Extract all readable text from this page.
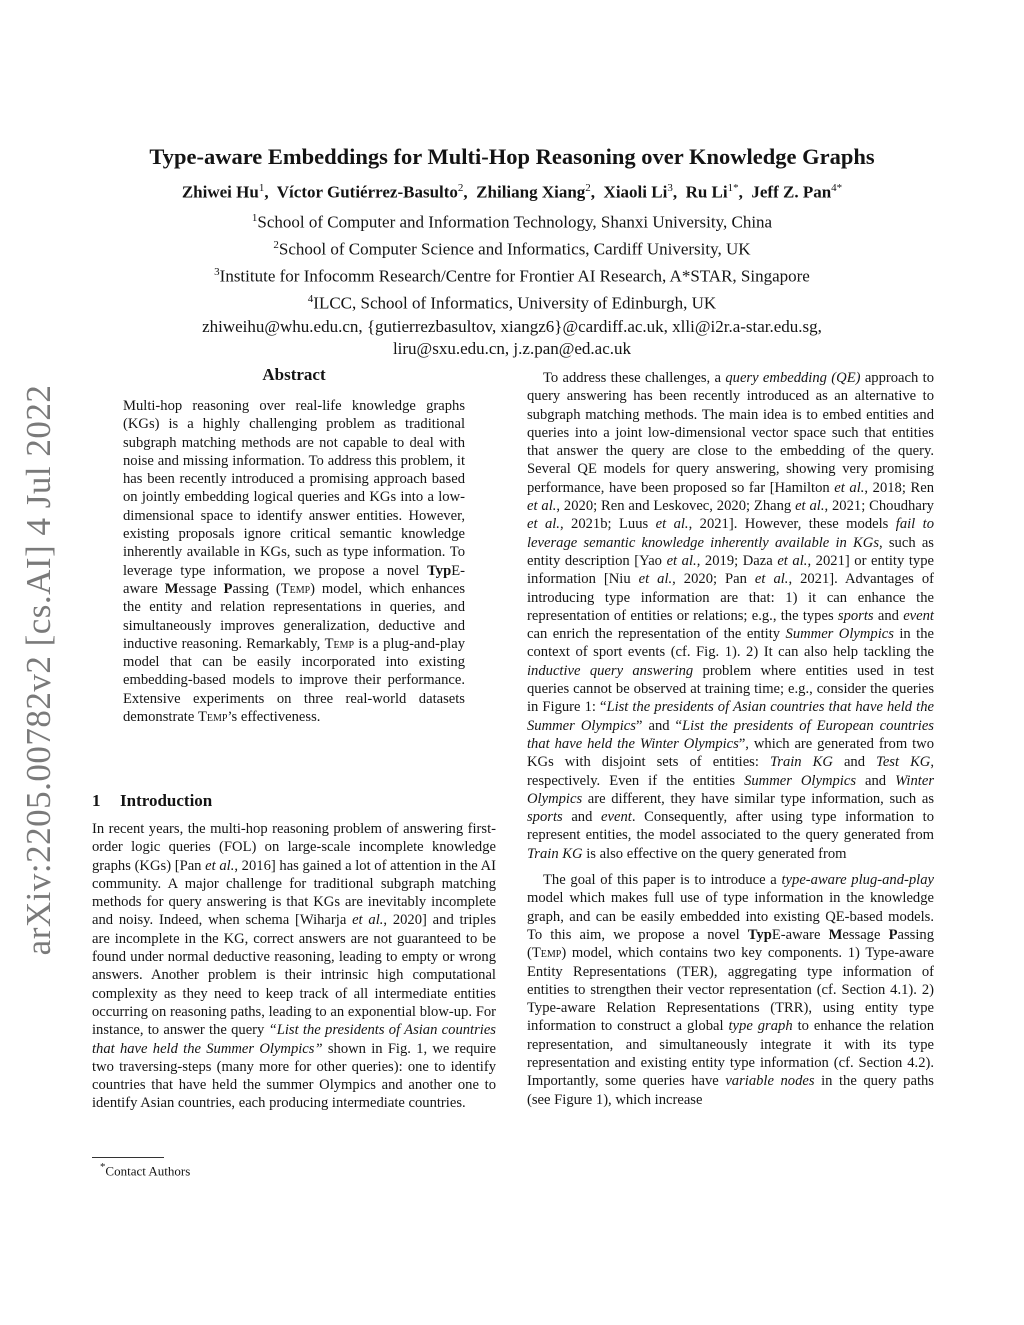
arXiv:2205.00782v2 [cs.AI] 4 Jul 2022
Type-aware Embeddings for Multi-Hop Reasoning over Knowledge Graphs
Zhiwei Hu$^1$,  Víctor Gutiérrez-Basulto$^2$,  Zhiliang Xiang$^2$,  Xiaoli Li$^3$,  Ru $Li^{1*}$,  Jeff Z. Pan$^{4*}$
$^1$School of Computer and Information Technology, Shanxi University, China
$^2$School of Computer Science and Informatics, Cardiff University, UK
$^3$Institute for Infocomm Research/Centre for Frontier AI Research, A*STAR, Singapore
$^4$ILCC, School of Informatics, University of Edinburgh, UK
zhiweihu@whu.edu.cn, {gutierrezbasultov, xiangz6}@cardiff.ac.uk, xlli@i2r.a-star.edu.sg,
liru@sxu.edu.cn, j.z.pan@ed.ac.uk
Abstract

Multi-hop reasoning over real-life knowledge graphs (KGs) is a highly challenging problem as traditional subgraph matching methods are not capable to deal with noise and missing information. To address this problem, it has been recently introduced a promising approach based on jointly embedding logical queries and KGs into a low-dimensional space to identify answer entities. However, existing proposals ignore critical semantic knowledge inherently available in KGs, such as type information. To leverage type information, we propose a novel TypE-aware Message Passing (Temp) model, which enhances the entity and relation representations in queries, and simultaneously improves generalization, deductive and inductive reasoning. Remarkably, Temp is a plug-and-play model that can be easily incorporated into existing embedding-based models to improve their performance. Extensive experiments on three real-world datasets demonstrate Temp’s effectiveness.

1 Introduction

In recent years, the multi-hop reasoning problem of answering first-order logic queries (FOL) on large-scale incomplete knowledge graphs (KGs) [Pan et al., 2016] has gained a lot of attention in the AI community. A major challenge for traditional subgraph matching methods for query answering is that KGs are inevitably incomplete and noisy. Indeed, when schema [Wiharja et al., 2020] and triples are incomplete in the KG, correct answers are not guaranteed to be found under normal deductive reasoning, leading to empty or wrong answers. Another problem is their intrinsic high computational complexity as they need to keep track of all intermediate entities occurring on reasoning paths, leading to an exponential blow-up. For instance, to answer the query “List the presidents of Asian countries that have held the Summer Olympics” shown in Fig. 1, we require two traversing-steps (many more for other queries): one to identify countries that have held the summer Olympics and another one to identify Asian countries, each producing intermediate countries.

*Contact Authors

To address these challenges, a query embedding (QE) approach to query answering has been recently introduced as an alternative to subgraph matching methods. The main idea is to embed entities and queries into a joint low-dimensional vector space such that entities that answer the query are close to the embedding of the query. Several QE models for query answering, showing very promising performance, have been proposed so far [Hamilton et al., 2018; Ren et al., 2020; Ren and Leskovec, 2020; Zhang et al., 2021; Choudhary et al., 2021b; Luus et al., 2021]. However, these models fail to leverage semantic knowledge inherently available in KGs, such as entity description [Yao et al., 2019; Daza et al., 2021] or entity type information [Niu et al., 2020; Pan et al., 2021]. Advantages of introducing type information are that: 1) it can enhance the representation of entities or relations; e.g., the types sports and event can enrich the representation of the entity Summer Olympics in the context of sport events (cf. Fig. 1). 2) It can also help tackling the inductive query answering problem where entities used in test queries cannot be observed at training time; e.g., consider the queries in Figure 1: “List the presidents of Asian countries that have held the Summer Olympics” and “List the presidents of European countries that have held the Winter Olympics”, which are generated from two KGs with disjoint sets of entities: Train KG and Test KG, respectively. Even if the entities Summer Olympics and Winter Olympics are different, they have similar type information, such as sports and event. Consequently, after using type information to represent entities, the model associated to the query generated from Train KG is also effective on the query generated from

The goal of this paper is to introduce a type-aware plug-and-play model which makes full use of type information in the knowledge graph, and can be easily embedded into existing QE-based models. To this aim, we propose a novel TypE-aware Message Passing (Temp) model, which contains two key components. 1) Type-aware Entity Representations (TER), aggregating type information of entities to strengthen their vector representation (cf. Section 4.1). 2) Type-aware Relation Representations (TRR), using entity type information to construct a global type graph to enhance the relation representation, and simultaneously integrate it with its type representation and existing entity type information (cf. Section 4.2). Importantly, some queries have variable nodes in the query paths (see Figure 1), which increase
